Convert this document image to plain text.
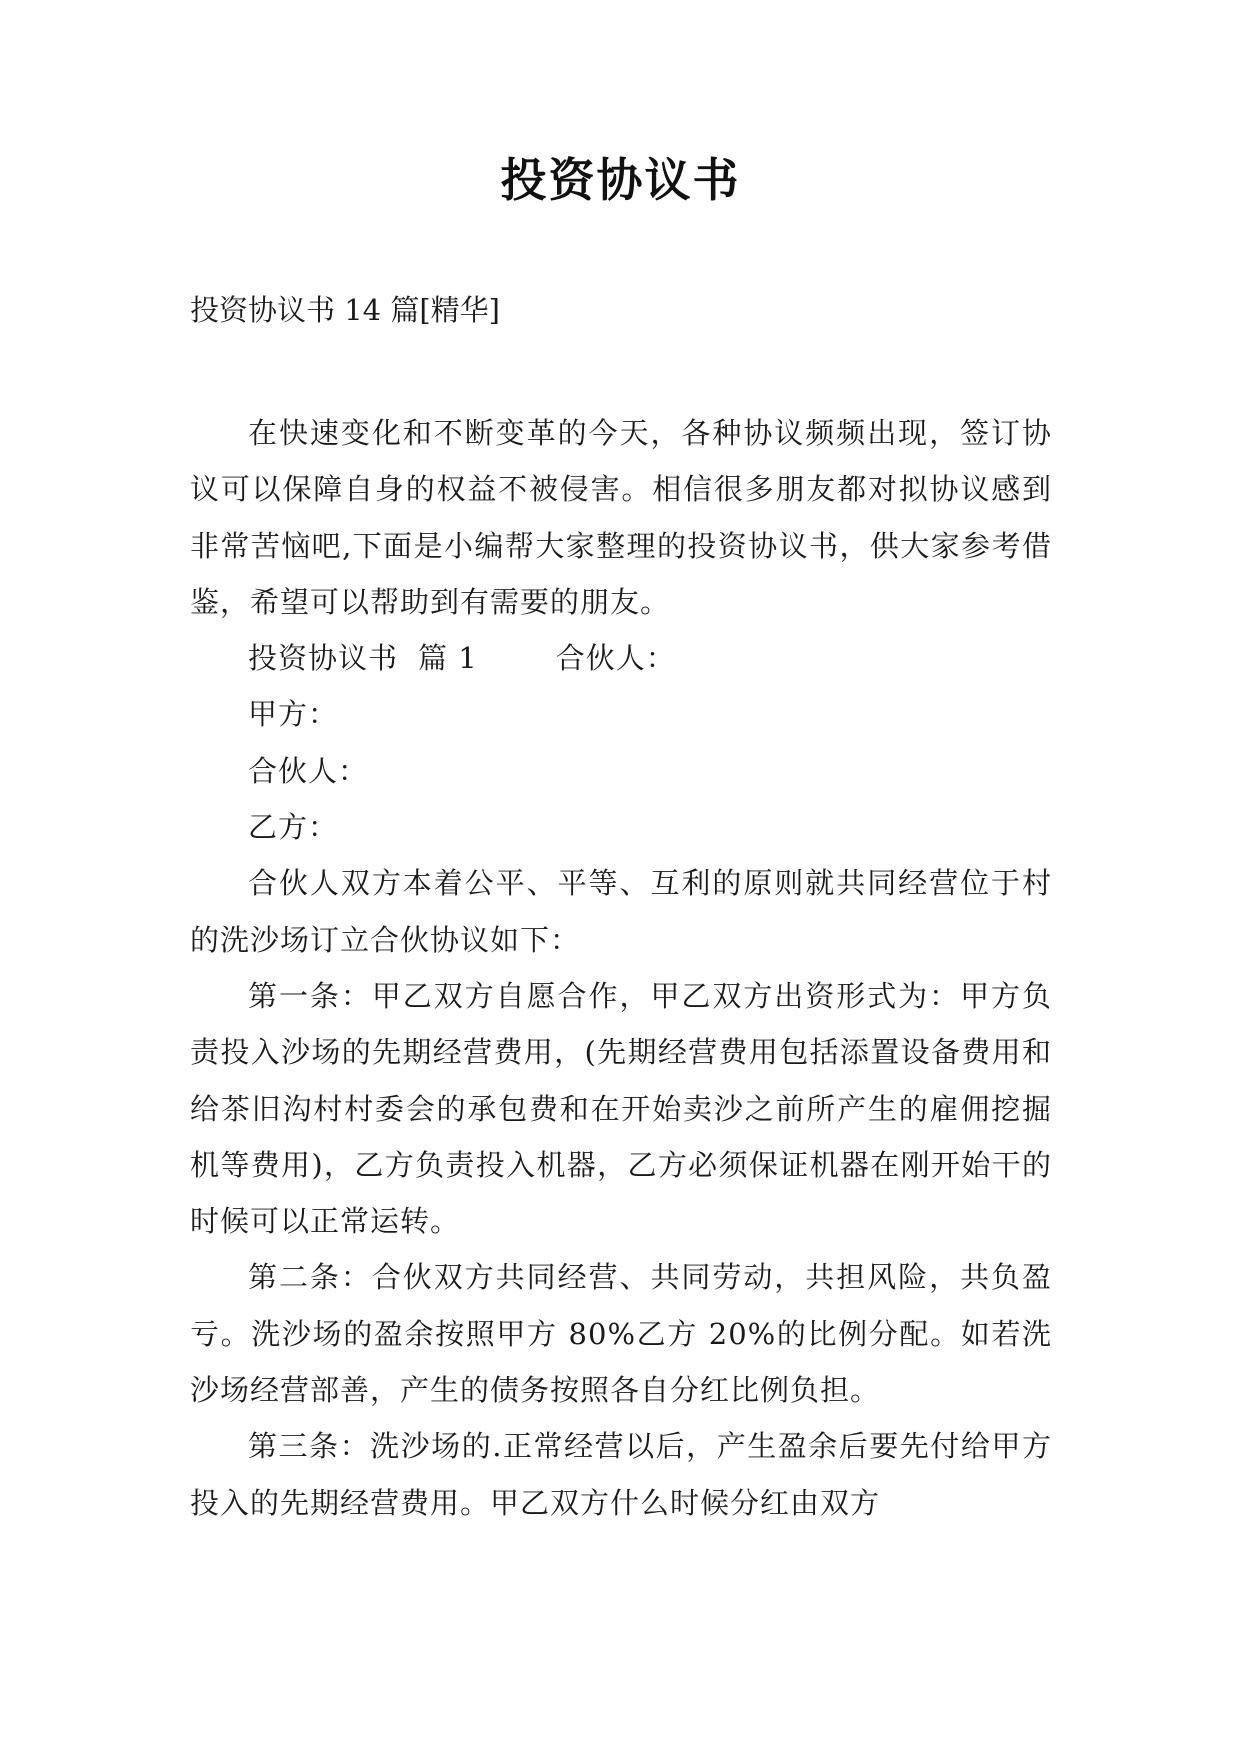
投资协议书
投资协议书 14 篇[精华]

在快速变化和不断变革的今天，各种协议频频出现，签订协议可以保障自身的权益不被侵害。相信很多朋友都对拟协议感到非常苦恼吧,下面是小编帮大家整理的投资协议书，供大家参考借鉴，希望可以帮助到有需要的朋友。

投资协议书 篇 1	合伙人：

甲方：

合伙人：

乙方：

合伙人双方本着公平、平等、互利的原则就共同经营位于村的洗沙场订立合伙协议如下：

第一条：甲乙双方自愿合作，甲乙双方出资形式为：甲方负责投入沙场的先期经营费用，(先期经营费用包括添置设备费用和给茶旧沟村村委会的承包费和在开始卖沙之前所产生的雇佣挖掘机等费用)，乙方负责投入机器，乙方必须保证机器在刚开始干的时候可以正常运转。

第二条：合伙双方共同经营、共同劳动，共担风险，共负盈亏。洗沙场的盈余按照甲方 80%乙方 20%的比例分配。如若洗沙场经营部善，产生的债务按照各自分红比例负担。

第三条：洗沙场的.正常经营以后，产生盈余后要先付给甲方投入的先期经营费用。甲乙双方什么时候分红由双方
